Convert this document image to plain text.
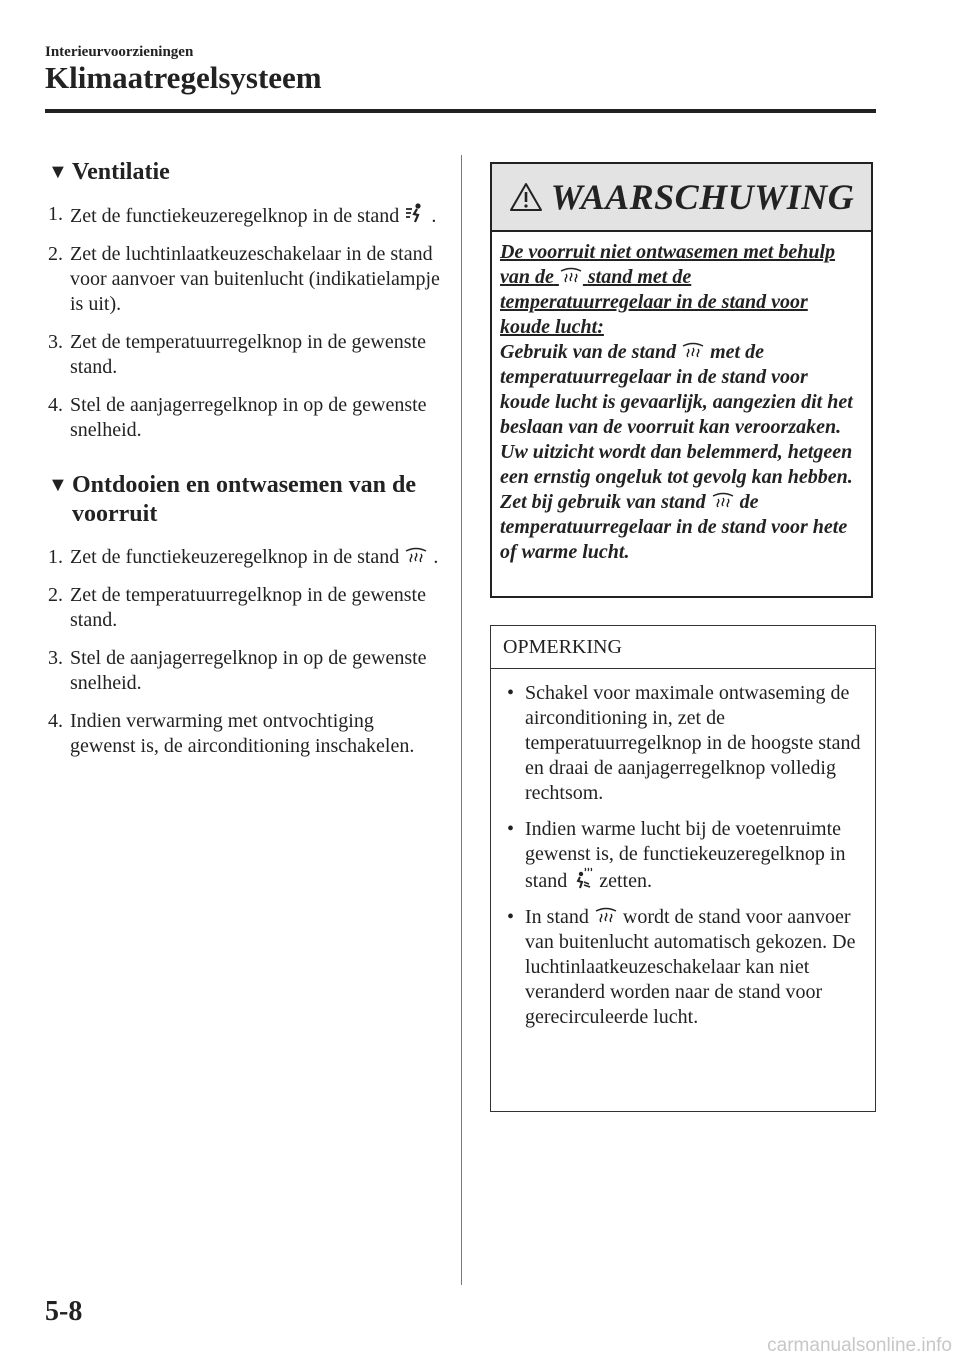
Interieurvoorzieningen
Klimaatregelsysteem
▼ Ventilatie
1. Zet de functiekeuzeregelknop in de stand .
2. Zet de luchtinlaatkeuzeschakelaar in de stand voor aanvoer van buitenlucht (indikatielampje is uit).
3. Zet de temperatuurregelknop in de gewenste stand.
4. Stel de aanjagerregelknop in op de gewenste snelheid.
▼ Ontdooien en ontwasemen van de voorruit
1. Zet de functiekeuzeregelknop in de stand .
2. Zet de temperatuurregelknop in de gewenste stand.
3. Stel de aanjagerregelknop in op de gewenste snelheid.
4. Indien verwarming met ontvochtiging gewenst is, de airconditioning inschakelen.
WAARSCHUWING
De voorruit niet ontwasemen met behulp van de stand met de temperatuurregelaar in de stand voor koude lucht:
Gebruik van de stand met de temperatuurregelaar in de stand voor koude lucht is gevaarlijk, aangezien dit het beslaan van de voorruit kan veroorzaken. Uw uitzicht wordt dan belemmerd, hetgeen een ernstig ongeluk tot gevolg kan hebben. Zet bij gebruik van stand de temperatuurregelaar in de stand voor hete of warme lucht.
OPMERKING
• Schakel voor maximale ontwaseming de airconditioning in, zet de temperatuurregelknop in de hoogste stand en draai de aanjagerregelknop volledig rechtsom.
• Indien warme lucht bij de voetenruimte gewenst is, de functiekeuzeregelknop in stand zetten.
• In stand wordt de stand voor aanvoer van buitenlucht automatisch gekozen. De luchtinlaatkeuzeschakelaar kan niet veranderd worden naar de stand voor gerecirculeerde lucht.
5-8
carmanualsonline.info
